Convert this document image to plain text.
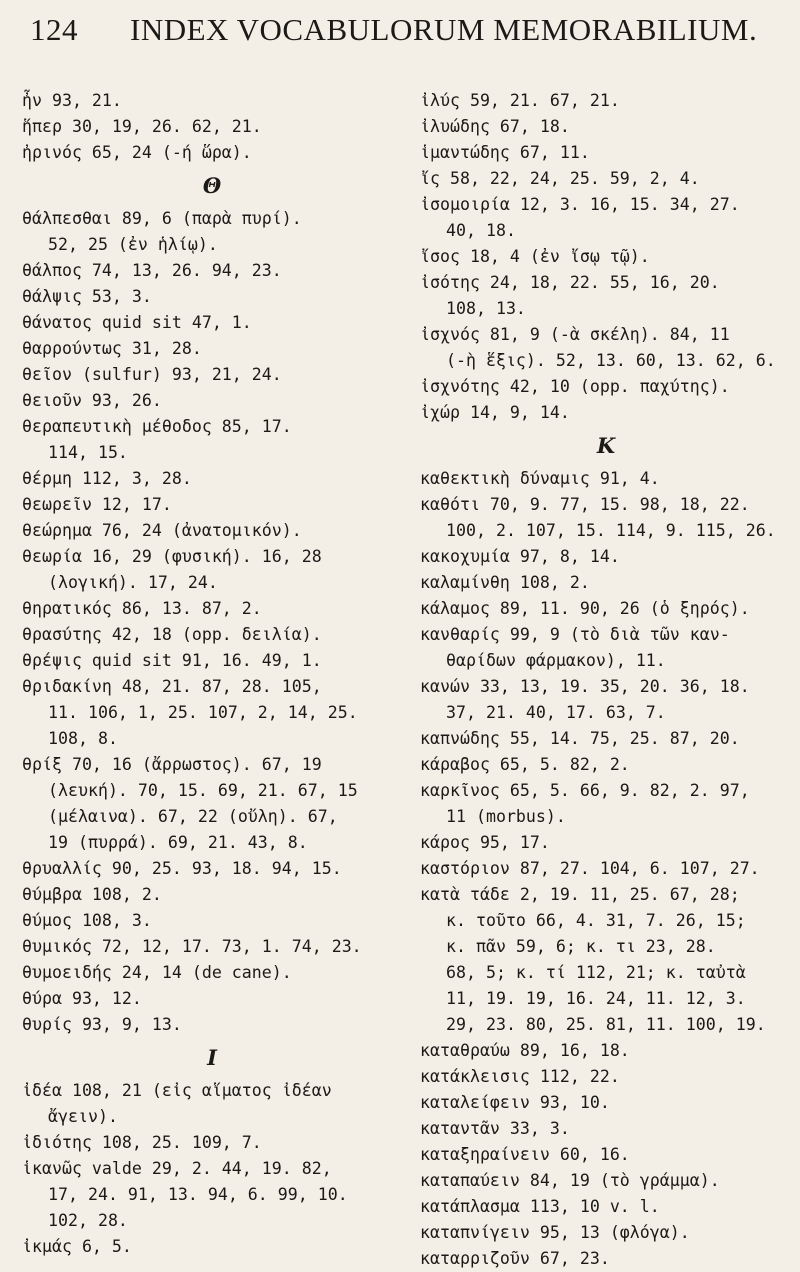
124 INDEX VOCABULORUM MEMORABILIUM.
ἦν 93, 21.
ἥπερ 30, 19, 26. 62, 21.
ἠρινός 65, 24 (-ή ὥρα).
Θ
θάλπεσθαι 89, 6 (παρὰ πυρί).
52, 25 (ἐν ἡλίῳ).
θάλπος 74, 13, 26. 94, 23.
θάλψις 53, 3.
θάνατος quid sit 47, 1.
θαρρούντως 31, 28.
θεῖον (sulfur) 93, 21, 24.
θειοῦν 93, 26.
θεραπευτικὴ μέθοδος 85, 17.
114, 15.
θέρμη 112, 3, 28.
θεωρεῖν 12, 17.
θεώρημα 76, 24 (ἀνατομικόν).
θεωρία 16, 29 (φυσική). 16, 28
(λογική). 17, 24.
θηρατικός 86, 13. 87, 2.
θρασύτης 42, 18 (opp. δειλία).
θρέψις quid sit 91, 16. 49, 1.
θριδακίνη 48, 21. 87, 28. 105,
11. 106, 1, 25. 107, 2, 14, 25.
108, 8.
θρίξ 70, 16 (ἄρρωστος). 67, 19
(λευκή). 70, 15. 69, 21. 67, 15
(μέλαινα). 67, 22 (οὔλη). 67,
19 (πυρρά). 69, 21. 43, 8.
θρυαλλίς 90, 25. 93, 18. 94, 15.
θύμβρα 108, 2.
θύμος 108, 3.
θυμικός 72, 12, 17. 73, 1. 74, 23.
θυμοειδής 24, 14 (de cane).
θύρα 93, 12.
θυρίς 93, 9, 13.
I
ἰδέα 108, 21 (εἰς αἵματος ἰδέαν
ἄγειν).
ἰδιότης 108, 25. 109, 7.
ἱκανῶς valde 29, 2. 44, 19. 82,
17, 24. 91, 13. 94, 6. 99, 10.
102, 28.
ἰκμάς 6, 5.
ἰλύς 59, 21. 67, 21.
ἰλυώδης 67, 18.
ἱμαντώδης 67, 11.
ἴς 58, 22, 24, 25. 59, 2, 4.
ἰσομοιρία 12, 3. 16, 15. 34, 27.
40, 18.
ἴσος 18, 4 (ἐν ἴσῳ τῷ).
ἰσότης 24, 18, 22. 55, 16, 20.
108, 13.
ἰσχνός 81, 9 (-ὰ σκέλη). 84, 11
(-ὴ ἕξις). 52, 13. 60, 13. 62, 6.
ἰσχνότης 42, 10 (opp. παχύτης).
ἰχώρ 14, 9, 14.
K
καθεκτικὴ δύναμις 91, 4.
καθότι 70, 9. 77, 15. 98, 18, 22.
100, 2. 107, 15. 114, 9. 115, 26.
κακοχυμία 97, 8, 14.
καλαμίνθη 108, 2.
κάλαμος 89, 11. 90, 26 (ὁ ξηρός).
κανθαρίς 99, 9 (τὸ διὰ τῶν καν-
θαρίδων φάρμακον), 11.
κανών 33, 13, 19. 35, 20. 36, 18.
37, 21. 40, 17. 63, 7.
καπνώδης 55, 14. 75, 25. 87, 20.
κάραβος 65, 5. 82, 2.
καρκῖνος 65, 5. 66, 9. 82, 2. 97,
11 (morbus).
κάρος 95, 17.
καστόριον 87, 27. 104, 6. 107, 27.
κατὰ τάδε 2, 19. 11, 25. 67, 28;
κ. τοῦτο 66, 4. 31, 7. 26, 15;
κ. πᾶν 59, 6; κ. τι 23, 28.
68, 5; κ. τί 112, 21; κ. ταὐτὰ
11, 19. 19, 16. 24, 11. 12, 3.
29, 23. 80, 25. 81, 11. 100, 19.
καταθραύω 89, 16, 18.
κατάκλεισις 112, 22.
καταλείφειν 93, 10.
καταντᾶν 33, 3.
καταξηραίνειν 60, 16.
καταπαύειν 84, 19 (τὸ γράμμα).
κατάπλασμα 113, 10 v. l.
καταπνίγειν 95, 13 (φλόγα).
καταρριζοῦν 67, 23.
